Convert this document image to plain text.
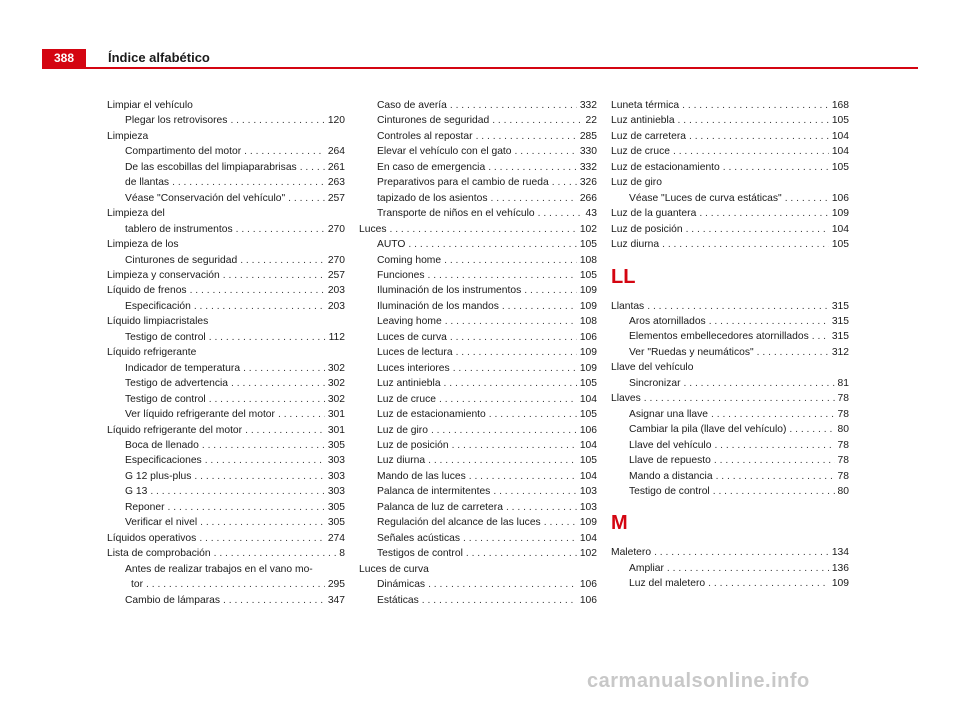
388	Índice alfabético
Limpiar el vehículo
Plegar los retrovisores . . .	120
Limpieza
Compartimento del motor . . .	264
De las escobillas del limpiaparabrisas . . .	261
de llantas . . .	263
Véase "Conservación del vehículo" . . .	257
Limpieza del
tablero de instrumentos . . .	270
Limpieza de los
Cinturones de seguridad . . .	270
Limpieza y conservación . . .	257
Líquido de frenos . . .	203
Especificación . . .	203
Líquido limpiacristales
Testigo de control . . .	112
Líquido refrigerante
Indicador de temperatura . . .	302
Testigo de advertencia . . .	302
Testigo de control . . .	302
Ver líquido refrigerante del motor . . .	301
Líquido refrigerante del motor . . .	301
Boca de llenado . . .	305
Especificaciones . . .	303
G 12 plus-plus . . .	303
G 13 . . .	303
Reponer . . .	305
Verificar el nivel . . .	305
Líquidos operativos . . .	274
Lista de comprobación . . .	8
Antes de realizar trabajos en el vano mo-
tor . . .	295
Cambio de lámparas . . .	347
Caso de avería . . .	332
Cinturones de seguridad . . .	22
Controles al repostar . . .	285
Elevar el vehículo con el gato . . .	330
En caso de emergencia . . .	332
Preparativos para el cambio de rueda . . .	326
tapizado de los asientos . . .	266
Transporte de niños en el vehículo . . .	43
Luces . . .	102
AUTO . . .	105
Coming home . . .	108
Funciones . . .	105
Iluminación de los instrumentos . . .	109
Iluminación de los mandos . . .	109
Leaving home . . .	108
Luces de curva . . .	106
Luces de lectura . . .	109
Luces interiores . . .	109
Luz antiniebla . . .	105
Luz de cruce . . .	104
Luz de estacionamiento . . .	105
Luz de giro . . .	106
Luz de posición . . .	104
Luz diurna . . .	105
Mando de las luces . . .	104
Palanca de intermitentes . . .	103
Palanca de luz de carretera . . .	103
Regulación del alcance de las luces . . .	109
Señales acústicas . . .	104
Testigos de control . . .	102
Luces de curva
Dinámicas . . .	106
Estáticas . . .	106
Luneta térmica . . .	168
Luz antiniebla . . .	105
Luz de carretera . . .	104
Luz de cruce . . .	104
Luz de estacionamiento . . .	105
Luz de giro
Véase "Luces de curva estáticas" . . .	106
Luz de la guantera . . .	109
Luz de posición . . .	104
Luz diurna . . .	105
LL
Llantas . . .	315
Aros atornillados . . .	315
Elementos embellecedores atornillados . . . 315
Ver "Ruedas y neumáticos" . . .	312
Llave del vehículo
Sincronizar . . .	81
Llaves . . .	78
Asignar una llave . . .	78
Cambiar la pila (llave del vehículo) . . .	80
Llave del vehículo . . .	78
Llave de repuesto . . .	78
Mando a distancia . . .	78
Testigo de control . . .	80
M
Maletero . . .	134
Ampliar . . .	136
Luz del maletero . . .	109
carmanualsonline.info
